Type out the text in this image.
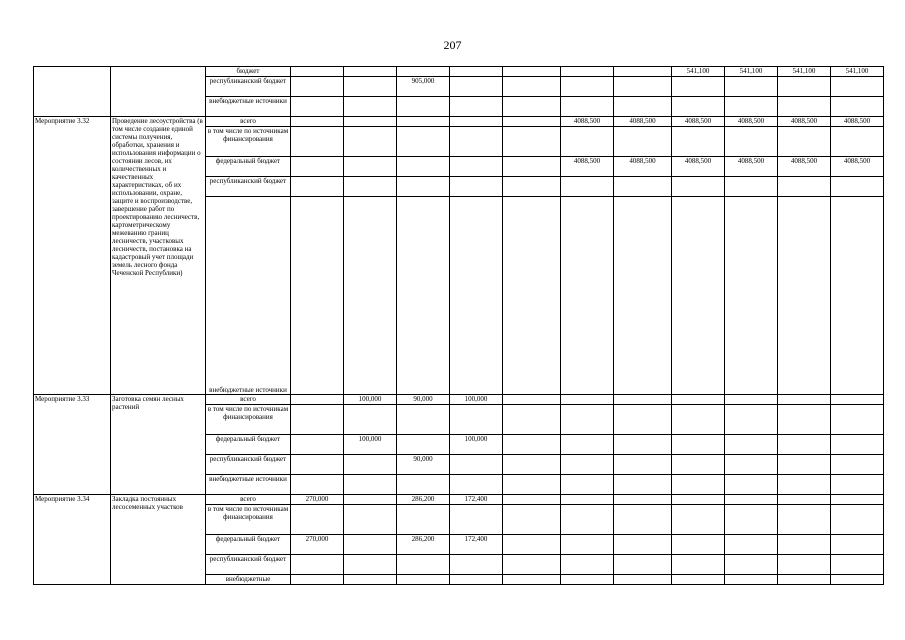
207
		бюджет								541,100	541,100	541,100	541,100
		республиканский бюджет			905,000								
		внебюджетные источники											
Мероприятие 3.32	Проведение лесоустройства (в том числе создание единой системы получения, обработки, хранения и использования информации о состоянии лесов, их количественных и качественных характеристиках, об их использовании, охране, защите и воспроизводстве, завершение работ по проектированию лесничеств, картометрическому межеванию границ лесничеств, участковых лесничеств, постановка на кадастровый учет площади земель лесного фонда Чеченской Республики)	всего						4088,500	4088,500	4088,500	4088,500	4088,500	4088,500
		в том числе по источникам финансирования											
		федеральный бюджет						4088,500	4088,500	4088,500	4088,500	4088,500	4088,500
		республиканский бюджет											
		внебюджетные источники											
Мероприятие 3.33	Заготовка семян лесных растений	всего		100,000	90,000	100,000							
		в том числе по источникам финансирования											
		федеральный бюджет		100,000		100,000							
		республиканский бюджет			90,000								
		внебюджетные источники											
Мероприятие 3.34	Закладка постоянных лесосеменных участков	всего	270,000		286,200	172,400							
		в том числе по источникам финансирования											
		федеральный бюджет	270,000		286,200	172,400							
		республиканский бюджет											
		внебюджетные											
